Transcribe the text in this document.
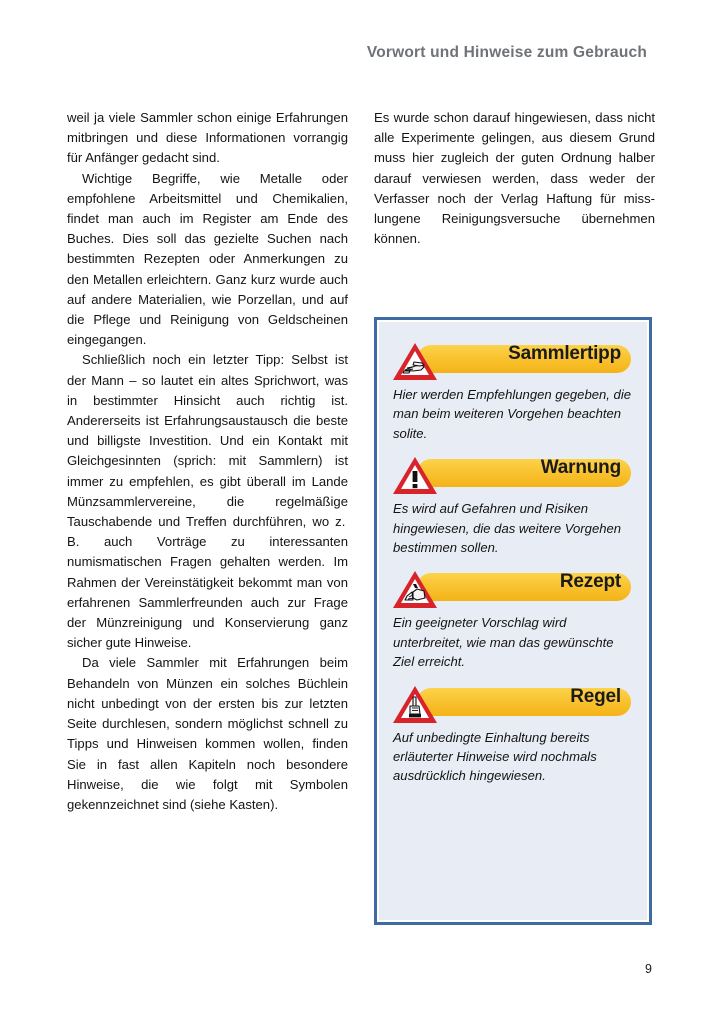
Vorwort und Hinweise zum Gebrauch

weil ja viele Sammler schon einige Erfahrungen mitbringen und diese Informationen vorrangig für Anfänger gedacht sind.

Wichtige Begriffe, wie Metalle oder empfohlene Arbeitsmittel und Chemikalien, findet man auch im Register am Ende des Buches. Dies soll das gezielte Suchen nach bestimmten Rezepten oder Anmerkungen zu den Metallen erleichtern. Ganz kurz wurde auch auf andere Materialien, wie Porzellan, und auf die Pflege und Reinigung von Geldscheinen eingegangen.

Schließlich noch ein letzter Tipp: Selbst ist der Mann – so lautet ein altes Sprichwort, was in bestimmter Hinsicht auch richtig ist. Andererseits ist Erfahrungsaustausch die beste und billigste Investition. Und ein Kontakt mit Gleichgesinnten (sprich: mit Sammlern) ist immer zu empfehlen, es gibt überall im Lande Münzsammlervereine, die regelmäßige Tauschabende und Treffen durchführen, wo z. B. auch Vorträge zu interessanten numismatischen Fragen gehalten werden. Im Rahmen der Vereinstätigkeit bekommt man von erfahrenen Sammlerfreunden auch zur Frage der Münzreinigung und Konservierung ganz sicher gute Hinweise.

Da viele Sammler mit Erfahrungen beim Behandeln von Münzen ein solches Büchlein nicht unbedingt von der ersten bis zur letzten Seite durchlesen, sondern möglichst schnell zu Tipps und Hinweisen kommen wollen, finden Sie in fast allen Kapiteln noch besondere Hinweise, die wie folgt mit Symbolen gekennzeichnet sind (siehe Kasten).

Es wurde schon darauf hingewiesen, dass nicht alle Experimente gelingen, aus diesem Grund muss hier zugleich der guten Ordnung halber darauf verwiesen werden, dass weder der Verfasser noch der Verlag Haftung für misslungene Reinigungsversuche übernehmen können.

Sammlertipp

Hier werden Empfehlungen gegeben, die man beim weiteren Vorgehen beachten solite.

Warnung

Es wird auf Gefahren und Risiken hingewiesen, die das weitere Vorgehen bestimmen sollen.

Rezept

Ein geeigneter Vorschlag wird unterbreitet, wie man das gewünschte Ziel erreicht.

Regel

Auf unbedingte Einhaltung bereits erläuterter Hinweise wird nochmals ausdrücklich hingewiesen.

9
